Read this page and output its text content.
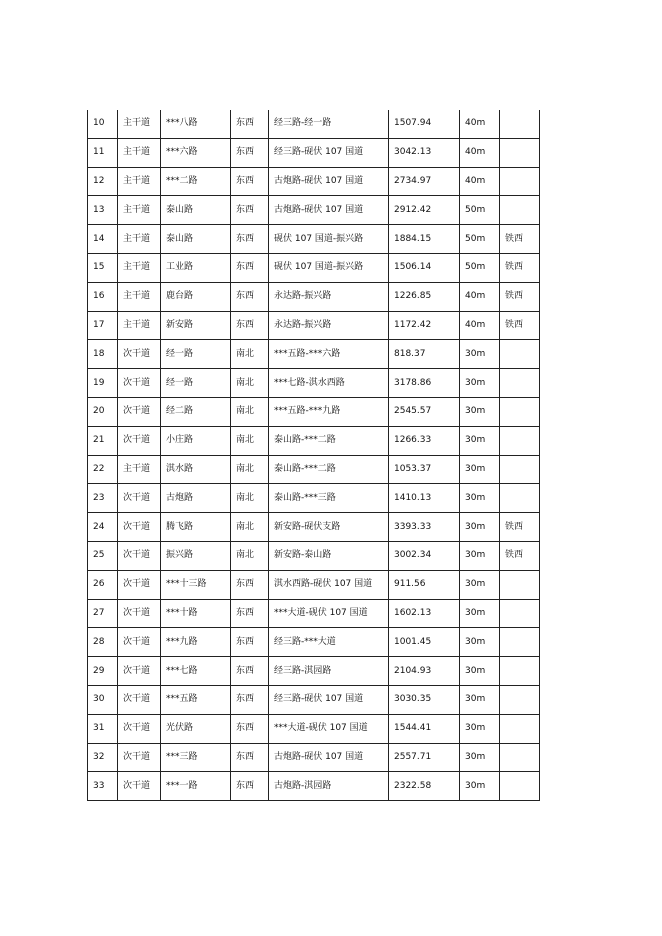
10	主干道	***八路	东西	经三路-经一路	1507.94	40m	
11	主干道	***六路	东西	经三路-砚伏 107 国道	3042.13	40m	
12	主干道	***二路	东西	古炮路-砚伏 107 国道	2734.97	40m	
13	主干道	泰山路	东西	古炮路-砚伏 107 国道	2912.42	50m	
14	主干道	泰山路	东西	砚伏 107 国道-振兴路	1884.15	50m	铁西
15	主干道	工业路	东西	砚伏 107 国道-振兴路	1506.14	50m	铁西
16	主干道	鹿台路	东西	永达路-振兴路	1226.85	40m	铁西
17	主干道	新安路	东西	永达路-振兴路	1172.42	40m	铁西
18	次干道	经一路	南北	***五路-***六路	818.37	30m	
19	次干道	经一路	南北	***七路-淇水西路	3178.86	30m	
20	次干道	经二路	南北	***五路-***九路	2545.57	30m	
21	次干道	小庄路	南北	泰山路-***二路	1266.33	30m	
22	主干道	淇水路	南北	泰山路-***二路	1053.37	30m	
23	次干道	古炮路	南北	泰山路-***三路	1410.13	30m	
24	次干道	腾飞路	南北	新安路-砚伏支路	3393.33	30m	铁西
25	次干道	振兴路	南北	新安路-泰山路	3002.34	30m	铁西
26	次干道	***十三路	东西	淇水西路-砚伏 107 国道	911.56	30m	
27	次干道	***十路	东西	***大道-砚伏 107 国道	1602.13	30m	
28	次干道	***九路	东西	经三路-***大道	1001.45	30m	
29	次干道	***七路	东西	经三路-淇园路	2104.93	30m	
30	次干道	***五路	东西	经三路-砚伏 107 国道	3030.35	30m	
31	次干道	光伏路	东西	***大道-砚伏 107 国道	1544.41	30m	
32	次干道	***三路	东西	古炮路-砚伏 107 国道	2557.71	30m	
33	次干道	***一路	东西	古炮路-淇园路	2322.58	30m	
